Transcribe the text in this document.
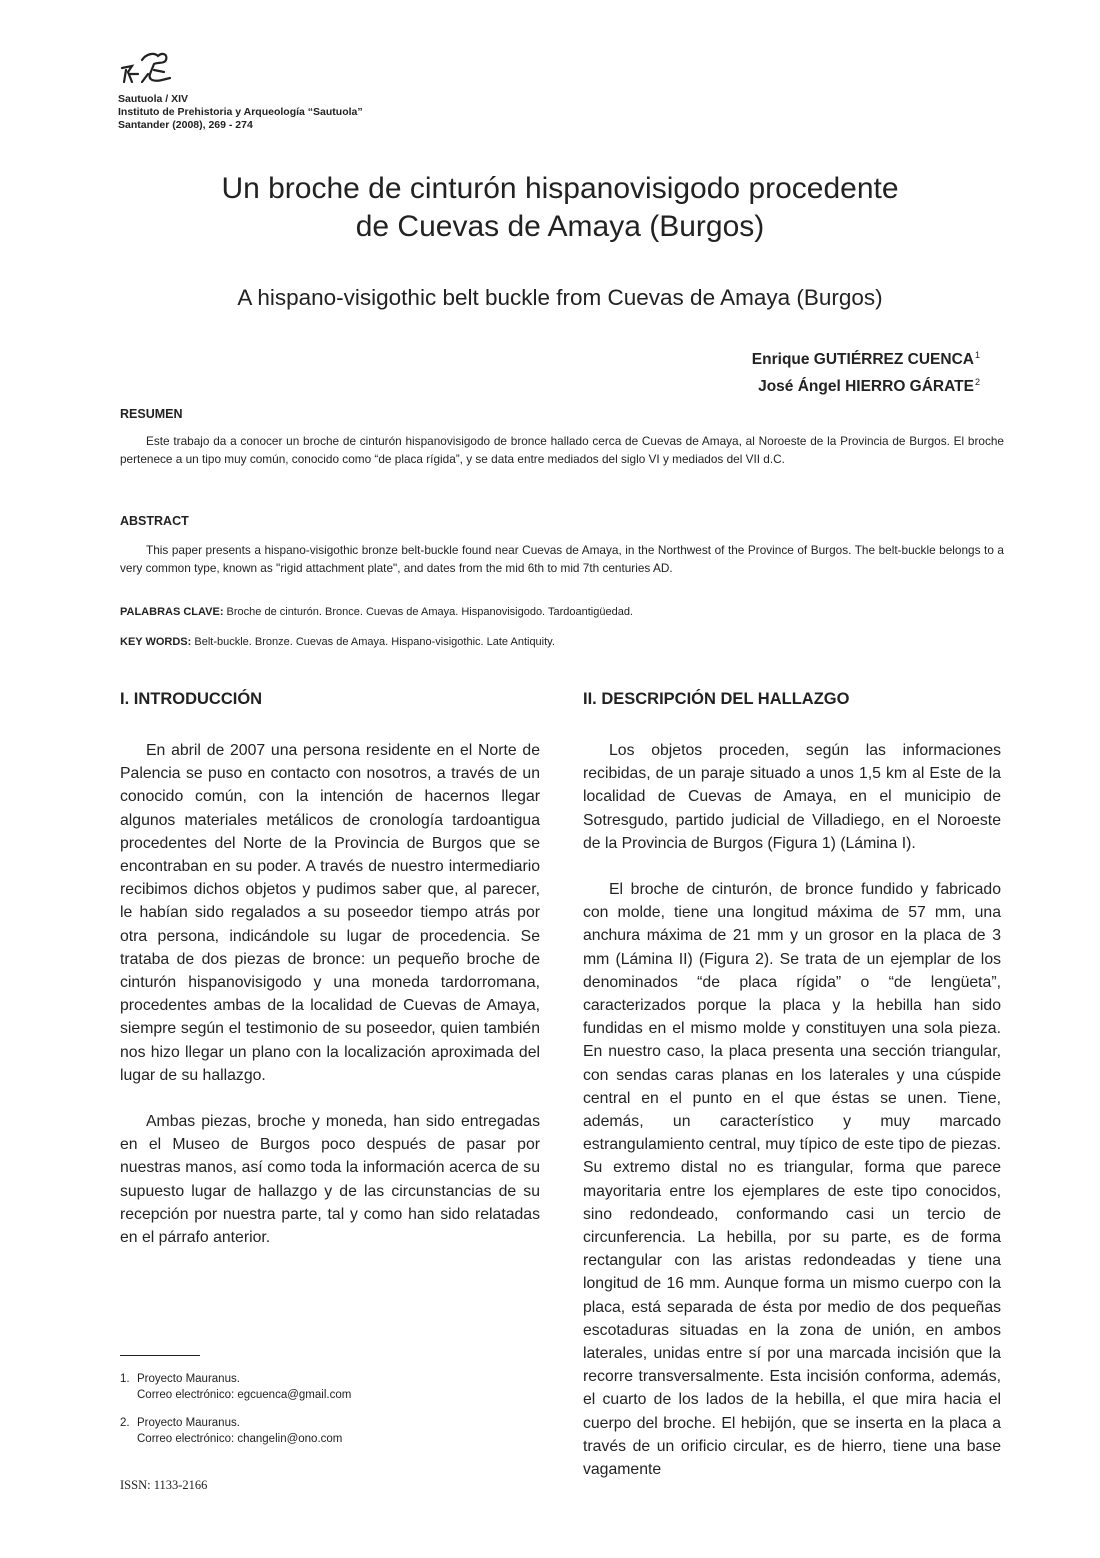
Sautuola / XIV
Instituto de Prehistoria y Arqueología “Sautuola”
Santander (2008), 269 - 274
Un broche de cinturón hispanovisigodo procedente
de Cuevas de Amaya (Burgos)
A hispano-visigothic belt buckle from Cuevas de Amaya (Burgos)
Enrique GUTIÉRREZ CUENCA$^1$
José Ángel HIERRO GÁRATE$^2$
RESUMEN

Este trabajo da a conocer un broche de cinturón hispanovisigodo de bronce hallado cerca de Cuevas de Amaya, al Noroeste de la Provincia de Burgos. El broche pertenece a un tipo muy común, conocido como “de placa rígida”, y se data entre mediados del siglo VI y mediados del VII d.C.

ABSTRACT

This paper presents a hispano-visigothic bronze belt-buckle found near Cuevas de Amaya, in the Northwest of the Province of Burgos. The belt-buckle belongs to a very common type, known as "rigid attachment plate", and dates from the mid 6th to mid 7th centuries AD.

PALABRAS CLAVE: Broche de cinturón. Bronce. Cuevas de Amaya. Hispanovisigodo. Tardoantigüedad.
KEY WORDS: Belt-buckle. Bronze. Cuevas de Amaya. Hispano-visigothic. Late Antiquity.
I. INTRODUCCIÓN	II. DESCRIPCIÓN DEL HALLAZGO

En abril de 2007 una persona residente en el Norte de Palencia se puso en contacto con nosotros, a través de un conocido común, con la intención de hacernos llegar algunos materiales metálicos de cronología tardoantigua procedentes del Norte de la Provincia de Burgos que se encontraban en su poder. A través de nuestro intermediario recibimos dichos objetos y pudimos saber que, al parecer, le habían sido regalados a su poseedor tiempo atrás por otra persona, indicándole su lugar de procedencia. Se trataba de dos piezas de bronce: un pequeño broche de cinturón hispanovisigodo y una moneda tardorromana, procedentes ambas de la localidad de Cuevas de Amaya, siempre según el testimonio de su poseedor, quien también nos hizo llegar un plano con la localización aproximada del lugar de su hallazgo.

Ambas piezas, broche y moneda, han sido entregadas en el Museo de Burgos poco después de pasar por nuestras manos, así como toda la información acerca de su supuesto lugar de hallazgo y de las circunstancias de su recepción por nuestra parte, tal y como han sido relatadas en el párrafo anterior.

Los objetos proceden, según las informaciones recibidas, de un paraje situado a unos 1,5 km al Este de la localidad de Cuevas de Amaya, en el municipio de Sotresgudo, partido judicial de Villadiego, en el Noroeste de la Provincia de Burgos (Figura 1) (Lámina I).

El broche de cinturón, de bronce fundido y fabricado con molde, tiene una longitud máxima de 57 mm, una anchura máxima de 21 mm y un grosor en la placa de 3 mm (Lámina II) (Figura 2). Se trata de un ejemplar de los denominados “de placa rígida” o “de lengüeta”, caracterizados porque la placa y la hebilla han sido fundidas en el mismo molde y constituyen una sola pieza. En nuestro caso, la placa presenta una sección triangular, con sendas caras planas en los laterales y una cúspide central en el punto en el que éstas se unen. Tiene, además, un característico y muy marcado estrangulamiento central, muy típico de este tipo de piezas. Su extremo distal no es triangular, forma que parece mayoritaria entre los ejemplares de este tipo conocidos, sino redondeado, conformando casi un tercio de circunferencia. La hebilla, por su parte, es de forma rectangular con las aristas redondeadas y tiene una longitud de 16 mm. Aunque forma un mismo cuerpo con la placa, está separada de ésta por medio de dos pequeñas escotaduras situadas en la zona de unión, en ambos laterales, unidas entre sí por una marcada incisión que la recorre transversalmente. Esta incisión conforma, además, el cuarto de los lados de la hebilla, el que mira hacia el cuerpo del broche. El hebijón, que se inserta en la placa a través de un orificio circular, es de hierro, tiene una base vagamente

1. Proyecto Mauranus.
Correo electrónico: egcuenca@gmail.com
2. Proyecto Mauranus.
Correo electrónico: changelin@ono.com
ISSN: 1133-2166
